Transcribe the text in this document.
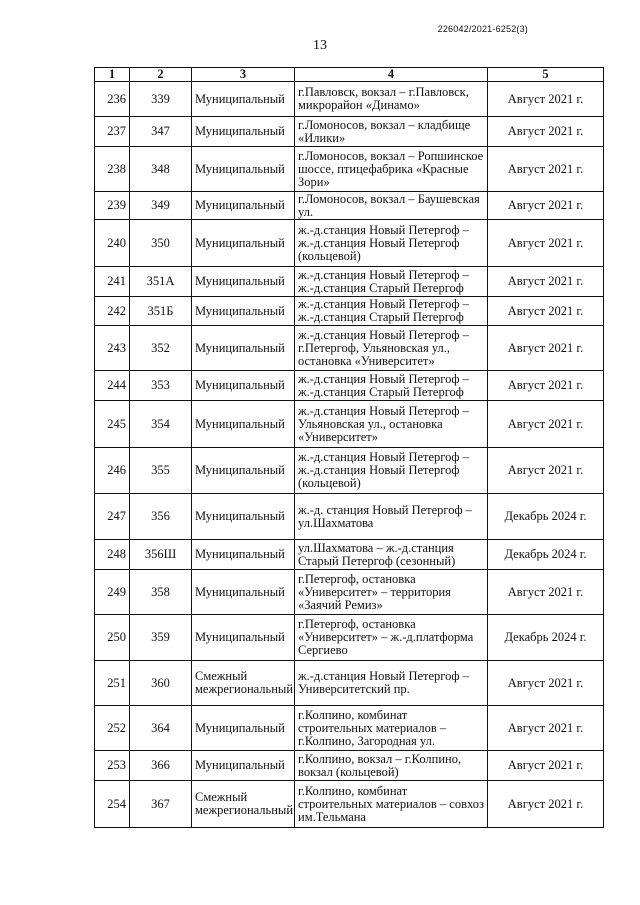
226042/2021-6252(3)
13
1	2	3	4	5
236	339	Муниципальный	г.Павловск, вокзал – г.Павловск, микрорайон «Динамо»	Август 2021 г.
237	347	Муниципальный	г.Ломоносов, вокзал – кладбище «Илики»	Август 2021 г.
238	348	Муниципальный	г.Ломоносов, вокзал – Ропшинское шоссе, птицефабрика «Красные Зори»	Август 2021 г.
239	349	Муниципальный	г.Ломоносов, вокзал – Баушевская ул.	Август 2021 г.
240	350	Муниципальный	ж.-д.станция Новый Петергоф – ж.-д.станция Новый Петергоф (кольцевой)	Август 2021 г.
241	351А	Муниципальный	ж.-д.станция Новый Петергоф – ж.-д.станция Старый Петергоф	Август 2021 г.
242	351Б	Муниципальный	ж.-д.станция Новый Петергоф – ж.-д.станция Старый Петергоф	Август 2021 г.
243	352	Муниципальный	ж.-д.станция Новый Петергоф – г.Петергоф, Ульяновская ул., остановка «Университет»	Август 2021 г.
244	353	Муниципальный	ж.-д.станция Новый Петергоф – ж.-д.станция Старый Петергоф	Август 2021 г.
245	354	Муниципальный	ж.-д.станция Новый Петергоф – Ульяновская ул., остановка «Университет»	Август 2021 г.
246	355	Муниципальный	ж.-д.станция Новый Петергоф – ж.-д.станция Новый Петергоф (кольцевой)	Август 2021 г.
247	356	Муниципальный	ж.-д. станция Новый Петергоф – ул.Шахматова	Декабрь 2024 г.
248	356Ш	Муниципальный	ул.Шахматова – ж.-д.станция Старый Петергоф (сезонный)	Декабрь 2024 г.
249	358	Муниципальный	г.Петергоф, остановка «Университет» – территория «Заячий Ремиз»	Август 2021 г.
250	359	Муниципальный	г.Петергоф, остановка «Университет» – ж.-д.платформа Сергиево	Декабрь 2024 г.
251	360	Смежный межрегиональный	ж.-д.станция Новый Петергоф – Университетский пр.	Август 2021 г.
252	364	Муниципальный	г.Колпино, комбинат строительных материалов – г.Колпино, Загородная ул.	Август 2021 г.
253	366	Муниципальный	г.Колпино, вокзал – г.Колпино, вокзал (кольцевой)	Август 2021 г.
254	367	Смежный межрегиональный	г.Колпино, комбинат строительных материалов – совхоз им.Тельмана	Август 2021 г.
